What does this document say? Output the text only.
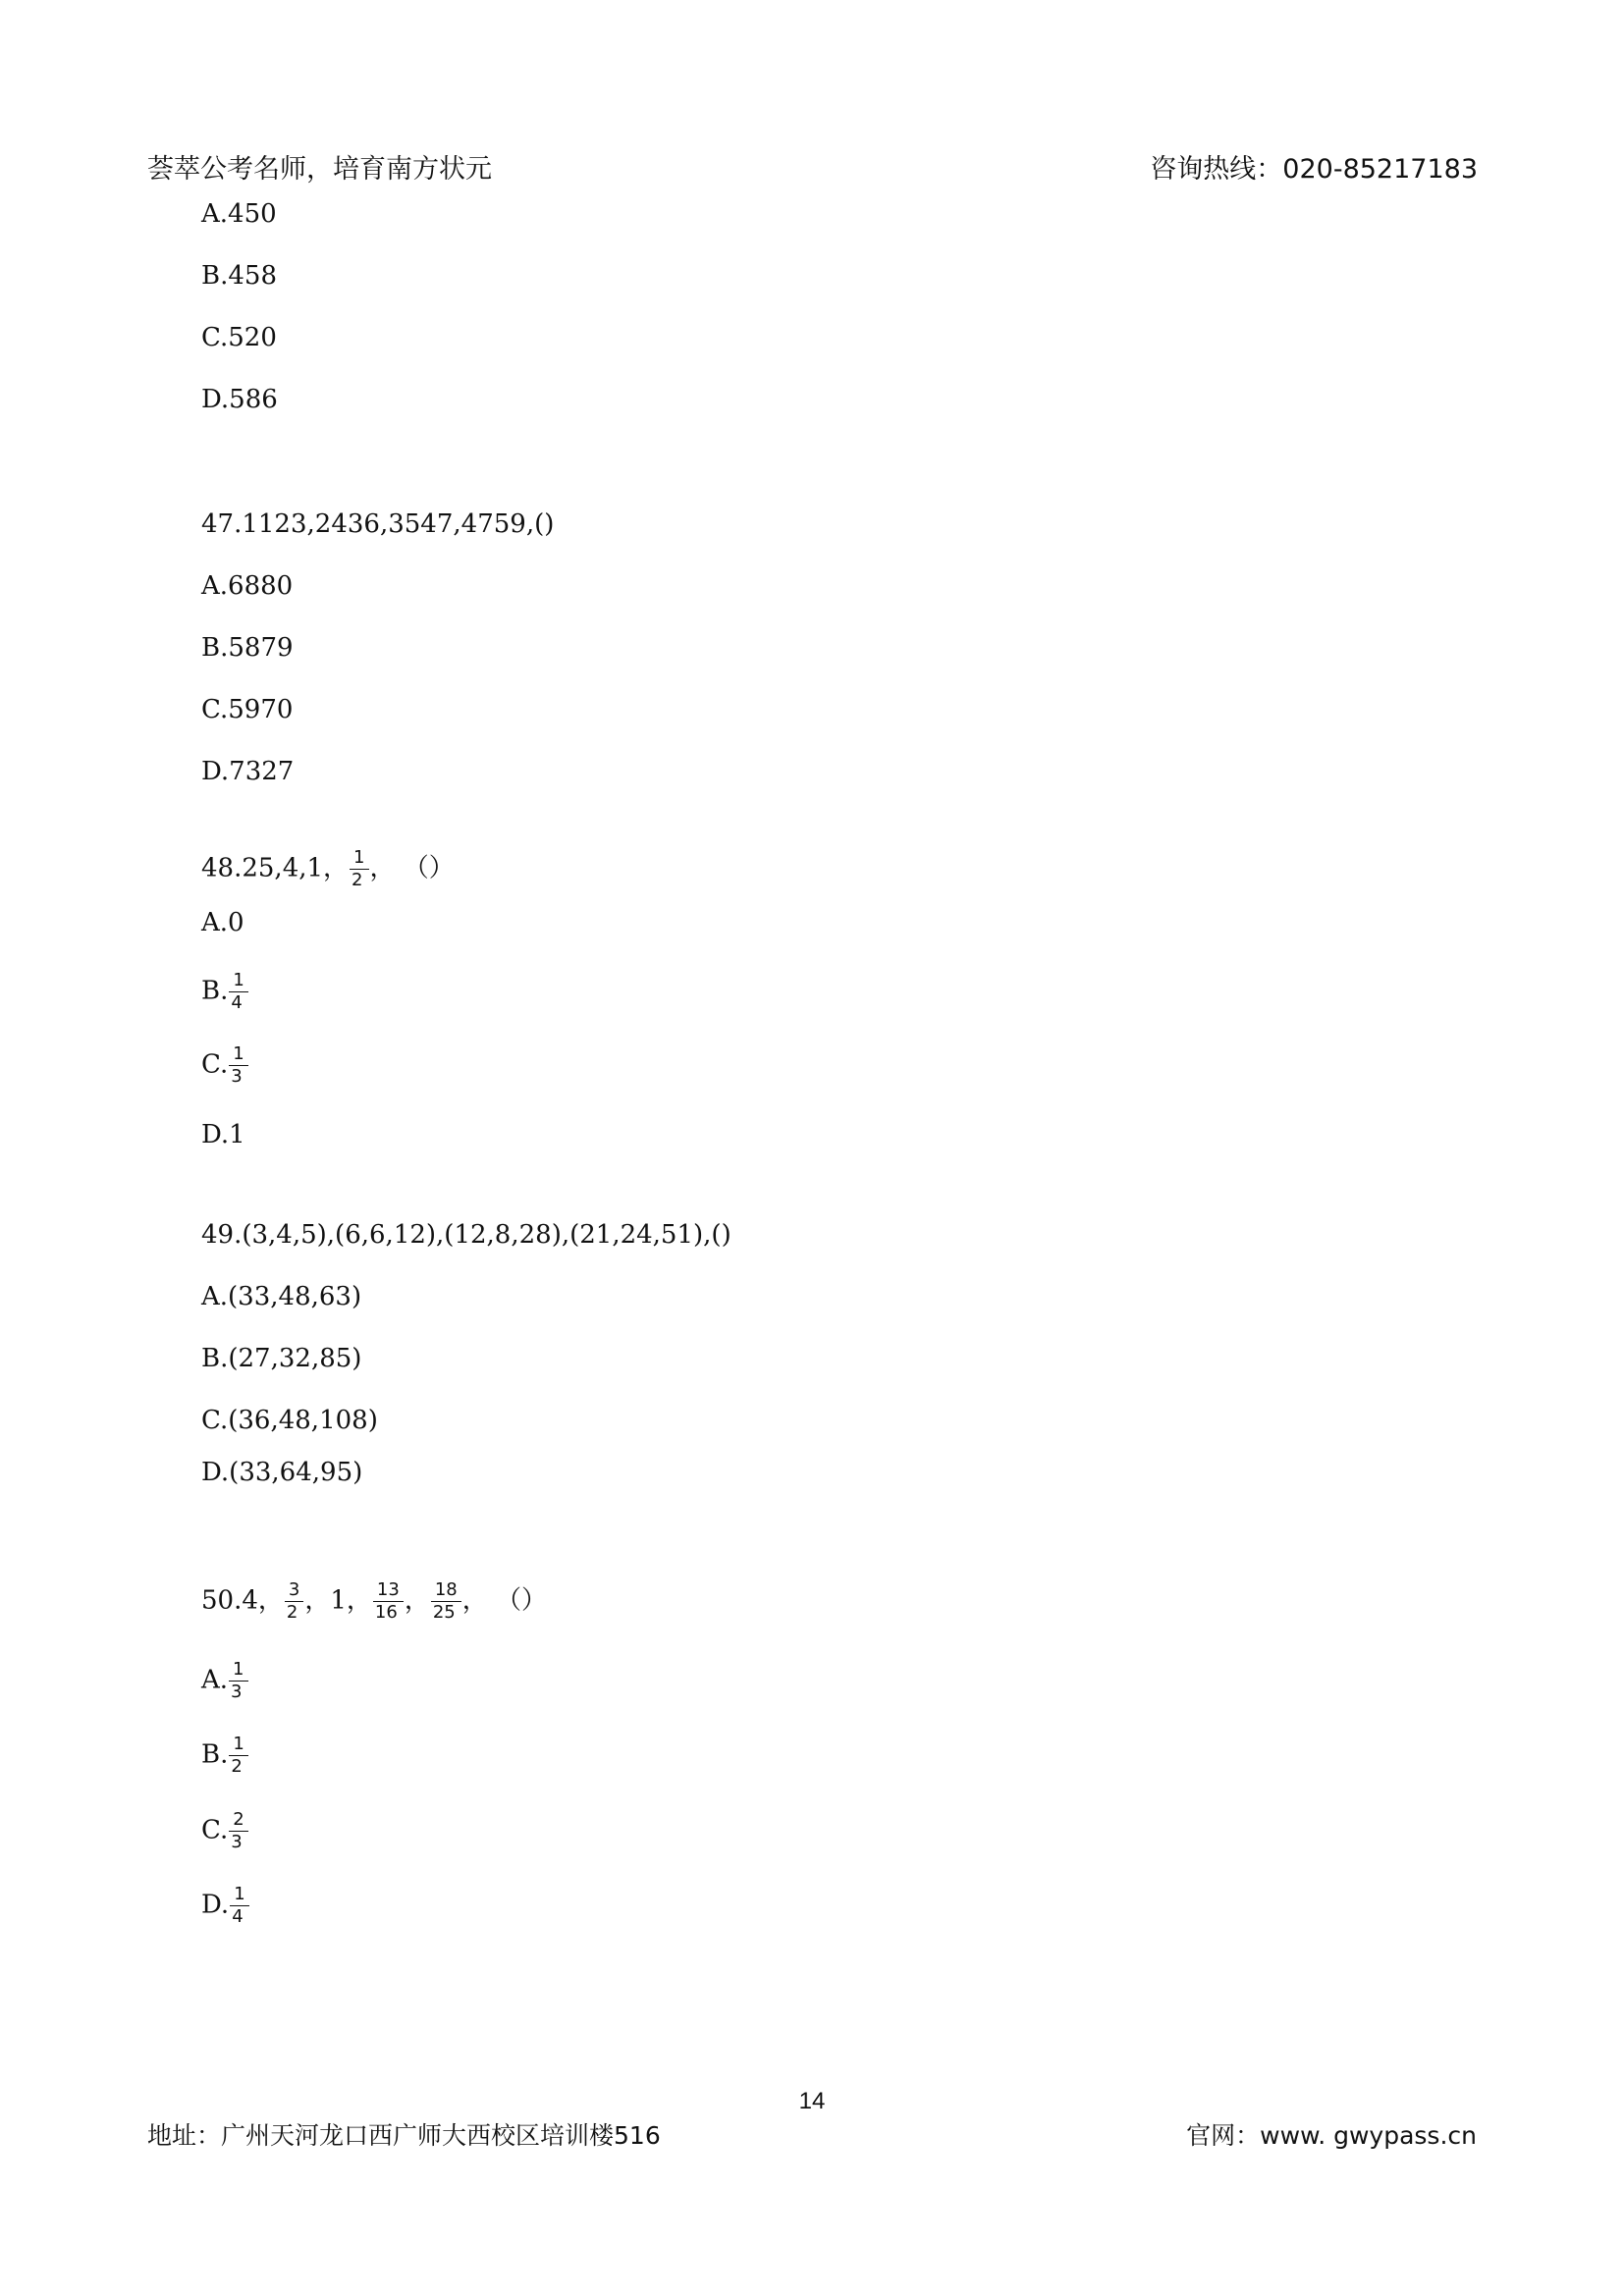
荟萃公考名师，培育南方状元	咨询热线：020-85217183
A.450
B.458
C.520
D.586
47.1123,2436,3547,4759,()
A.6880
B.5879
C.5970
D.7327
48.25,4,1， $\frac{1}{2}$ ， （）
A.0
B. $\frac{1}{4}$
C. $\frac{1}{3}$
D.1
49.(3,4,5),(6,6,12),(12,8,28),(21,24,51),()
A.(33,48,63)
B.(27,32,85)
C.(36,48,108)
D.(33,64,95)
50.4， $\frac{3}{2}$ ，1， $\frac{13}{16}$ ， $\frac{18}{25}$ ， （）
A. $\frac{1}{3}$
B. $\frac{1}{2}$
C. $\frac{2}{3}$
D. $\frac{1}{4}$
14
地址：广州天河龙口西广师大西校区培训楼516	官网：www. gwypass.cn
